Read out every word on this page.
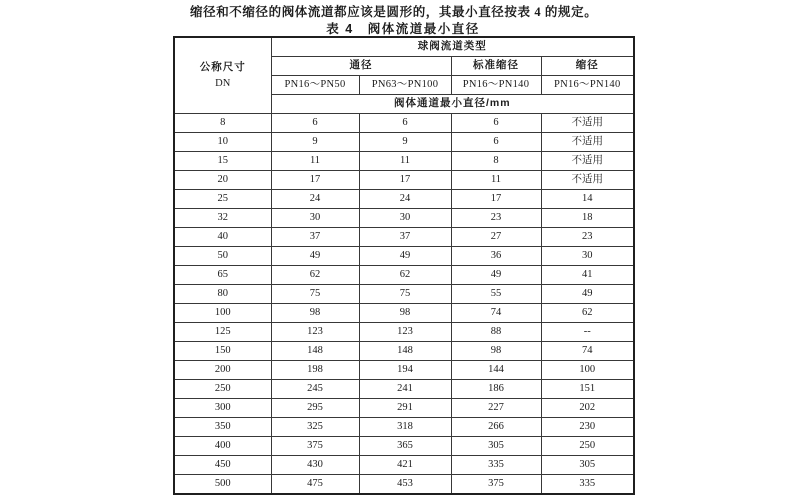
缩径和不缩径的阀体流道都应该是圆形的，其最小直径按表 4 的规定。

表 4　阀体流道最小直径
公称尺寸
DN	球阀流道类型			
	通径		标准缩径	缩径
	PN16～PN50	PN63～PN100	PN16～PN140	PN16～PN140
	阀体通道最小直径/mm			
8	6	6	6	不适用
10	9	9	6	不适用
15	11	11	8	不适用
20	17	17	11	不适用
25	24	24	17	14
32	30	30	23	18
40	37	37	27	23
50	49	49	36	30
65	62	62	49	41
80	75	75	55	49
100	98	98	74	62
125	123	123	88	--
150	148	148	98	74
200	198	194	144	100
250	245	241	186	151
300	295	291	227	202
350	325	318	266	230
400	375	365	305	250
450	430	421	335	305
500	475	453	375	335
